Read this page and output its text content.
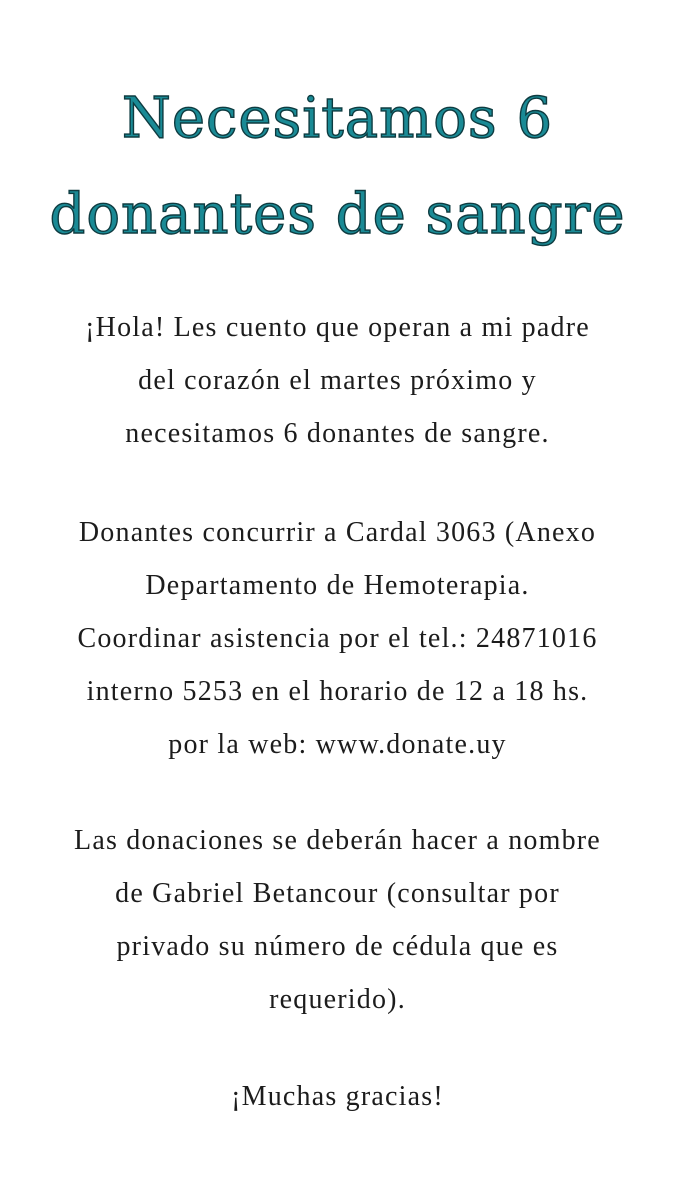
Necesitamos 6
donantes de sangre

¡Hola! Les cuento que operan a mi padre
del corazón el martes próximo y
necesitamos 6 donantes de sangre.

Donantes concurrir a Cardal 3063 (Anexo
Departamento de Hemoterapia.
Coordinar asistencia por el tel.: 24871016
interno 5253 en el horario de 12 a 18 hs.
por la web: www.donate.uy

Las donaciones se deberán hacer a nombre
de Gabriel Betancour (consultar por
privado su número de cédula que es
requerido).

¡Muchas gracias!
